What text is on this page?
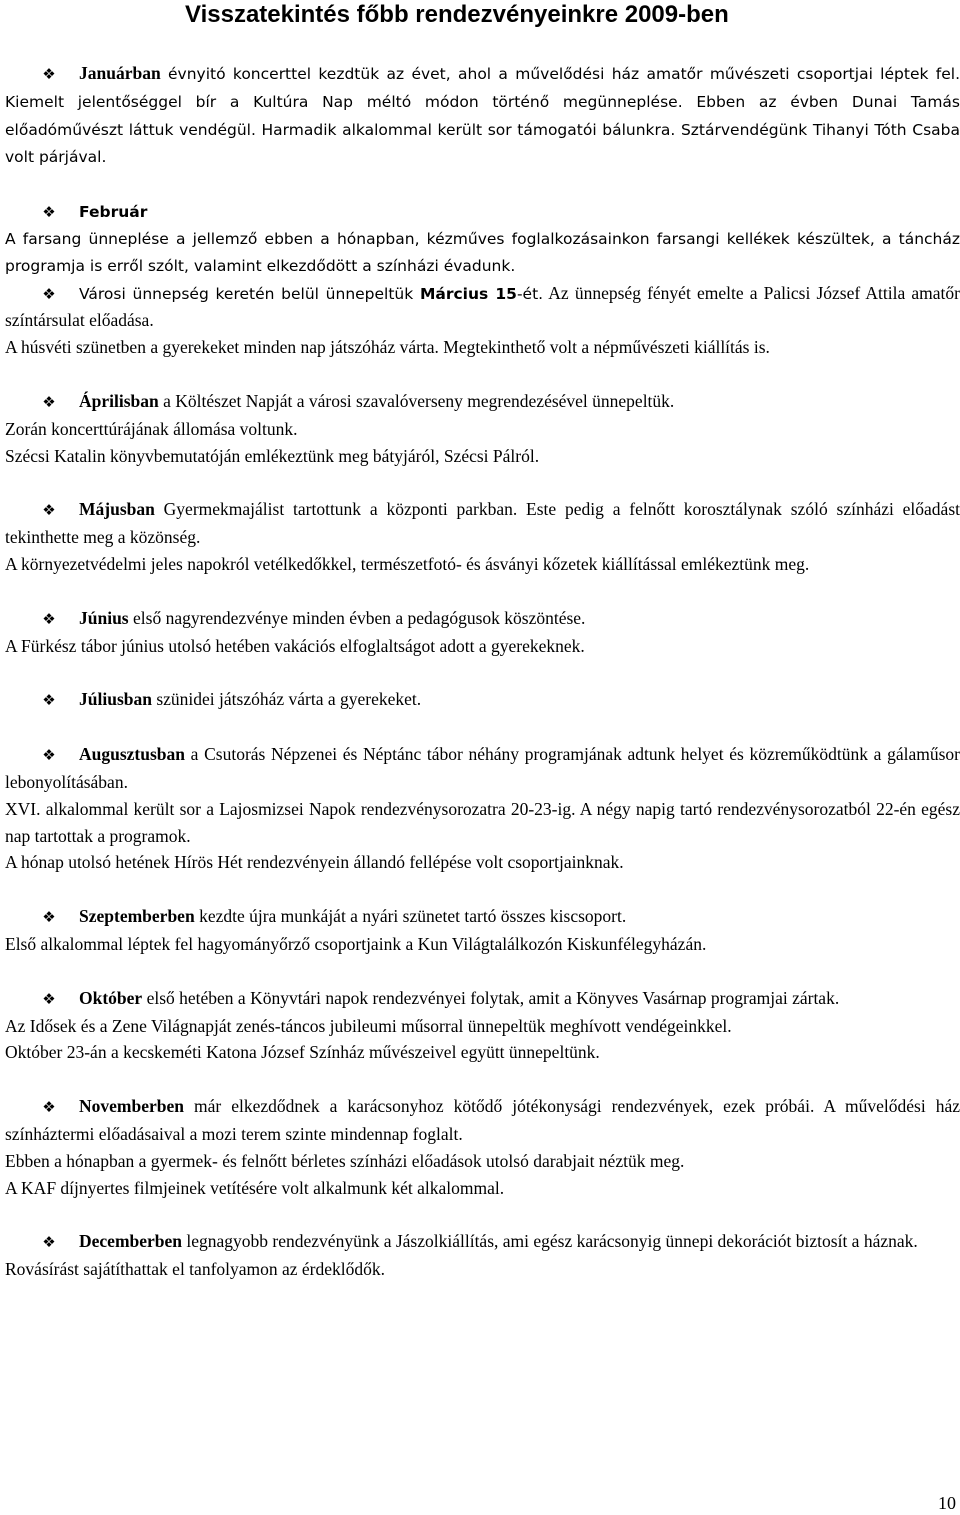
Visszatekintés főbb rendezvényeinkre 2009-ben

❖ Januárban évnyitó koncerttel kezdtük az évet, ahol a művelődési ház amatőr művészeti csoportjai léptek fel. Kiemelt jelentőséggel bír a Kultúra Nap méltó módon történő megünneplése. Ebben az évben Dunai Tamás előadóművészt láttuk vendégül. Harmadik alkalommal került sor támogatói bálunkra. Sztárvendégünk Tihanyi Tóth Csaba volt párjával.

❖ Február

A farsang ünneplése a jellemző ebben a hónapban, kézműves foglalkozásainkon farsangi kellékek készültek, a táncház programja is erről szólt, valamint elkezdődött a színházi évadunk.

❖ Városi ünnepség keretén belül ünnepeltük Március 15-ét. Az ünnepség fényét emelte a Palicsi József Attila amatőr színtársulat előadása.

A húsvéti szünetben a gyerekeket minden nap játszóház várta. Megtekinthető volt a népművészeti kiállítás is.

❖ Áprilisban a Költészet Napját a városi szavalóverseny megrendezésével ünnepeltük.

Zorán koncerttúrájának állomása voltunk.

Szécsi Katalin könyvbemutatóján emlékeztünk meg bátyjáról, Szécsi Pálról.

❖ Májusban Gyermekmajálist tartottunk a központi parkban. Este pedig a felnőtt korosztálynak szóló színházi előadást tekinthette meg a közönség.

A környezetvédelmi jeles napokról vetélkedőkkel, természetfotó- és ásványi kőzetek kiállítással emlékeztünk meg.

❖ Június első nagyrendezvénye minden évben a pedagógusok köszöntése.

A Fürkész tábor június utolsó hetében vakációs elfoglaltságot adott a gyerekeknek.

❖ Júliusban szünidei játszóház várta a gyerekeket.

❖ Augusztusban a Csutorás Népzenei és Néptánc tábor néhány programjának adtunk helyet és közreműködtünk a gálaműsor lebonyolításában.

XVI. alkalommal került sor a Lajosmizsei Napok rendezvénysorozatra 20-23-ig. A négy napig tartó rendezvénysorozatból 22-én egész nap tartottak a programok.

A hónap utolsó hetének Hírös Hét rendezvényein állandó fellépése volt csoportjainknak.

❖ Szeptemberben kezdte újra munkáját a nyári szünetet tartó összes kiscsoport.

Első alkalommal léptek fel hagyományőrző csoportjaink a Kun Világtalálkozón Kiskunfélegyházán.

❖ Október első hetében a Könyvtári napok rendezvényei folytak, amit a Könyves Vasárnap programjai zártak.

Az Idősek és a Zene Világnapját zenés-táncos jubileumi műsorral ünnepeltük meghívott vendégeinkkel.

Október 23-án a kecskeméti Katona József Színház művészeivel együtt ünnepeltünk.

❖ Novemberben már elkezdődnek a karácsonyhoz kötődő jótékonysági rendezvények, ezek próbái. A művelődési ház színháztermi előadásaival a mozi terem szinte mindennap foglalt.

Ebben a hónapban a gyermek- és felnőtt bérletes színházi előadások utolsó darabjait néztük meg.

A KAF díjnyertes filmjeinek vetítésére volt alkalmunk két alkalommal.

❖ Decemberben legnagyobb rendezvényünk a Jászolkiállítás, ami egész karácsonyig ünnepi dekorációt biztosít a háznak.

Rovásírást sajátíthattak el tanfolyamon az érdeklődők.

10
